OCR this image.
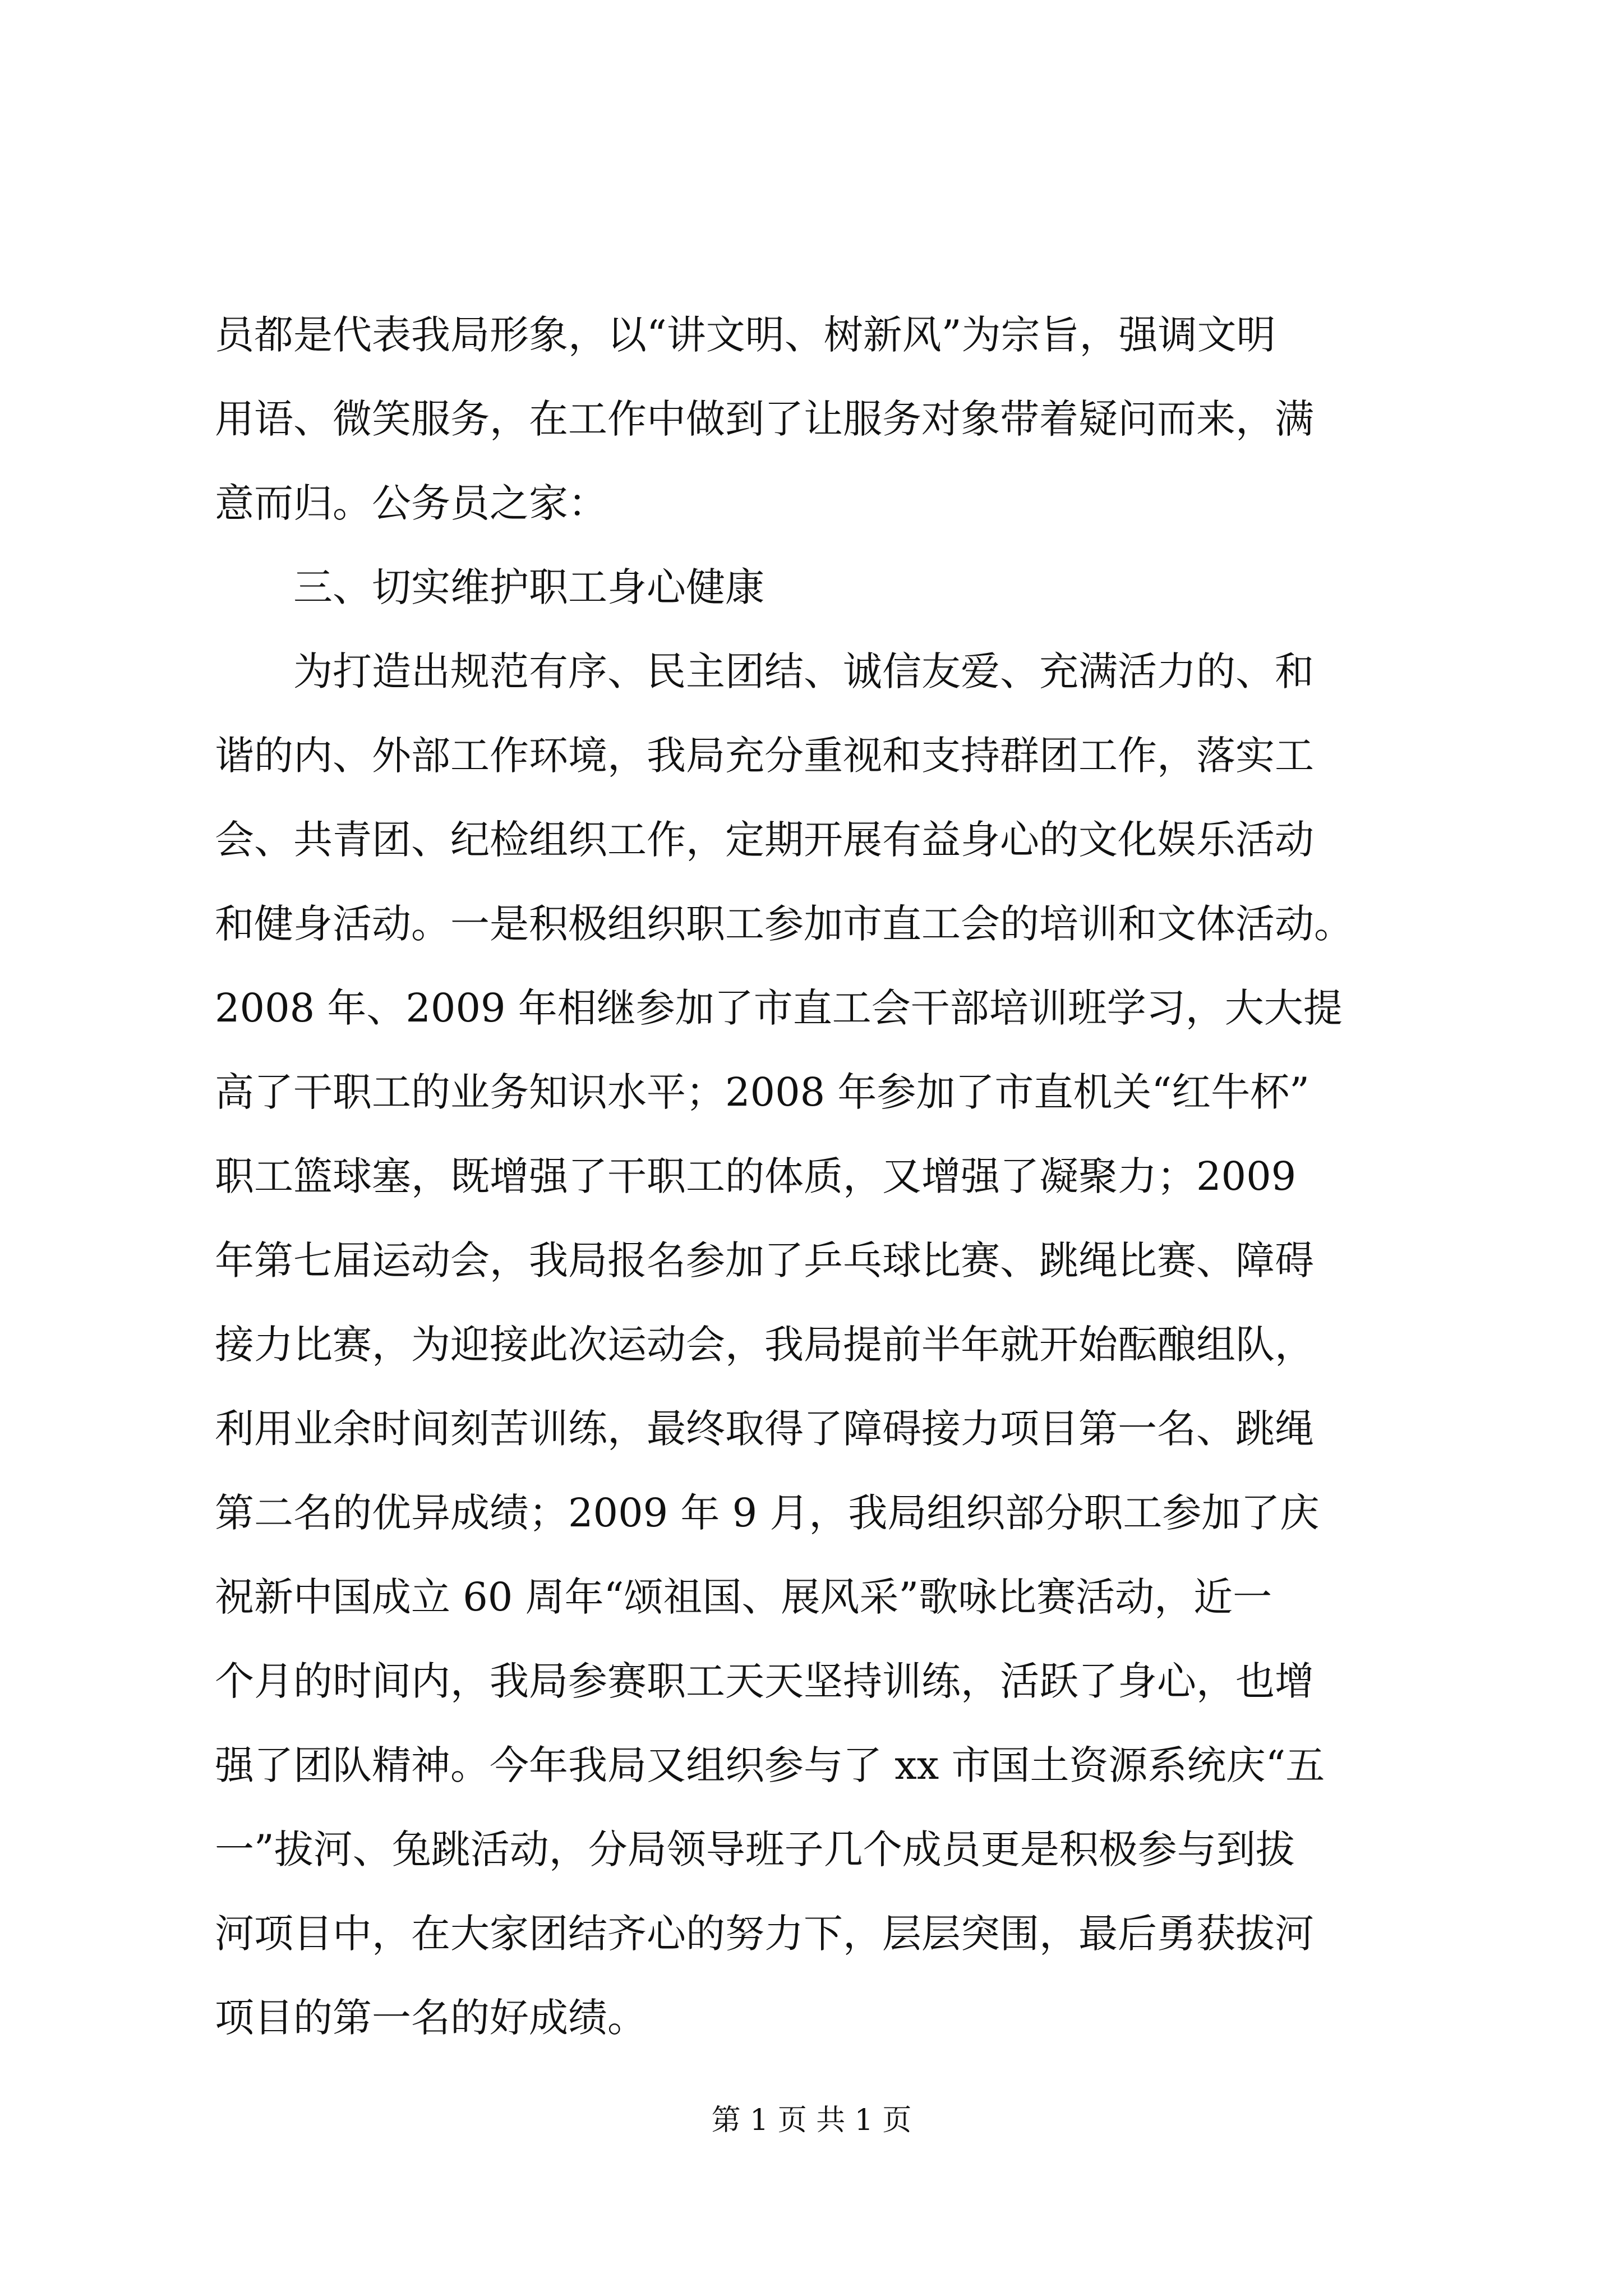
员都是代表我局形象，以“讲文明、树新风”为宗旨，强调文明
用语、微笑服务，在工作中做到了让服务对象带着疑问而来，满
意而归。公务员之家：
　　三、切实维护职工身心健康
　　为打造出规范有序、民主团结、诚信友爱、充满活力的、和
谐的内、外部工作环境，我局充分重视和支持群团工作，落实工
会、共青团、纪检组织工作，定期开展有益身心的文化娱乐活动
和健身活动。一是积极组织职工参加市直工会的培训和文体活动。
2008 年、2009 年相继参加了市直工会干部培训班学习，大大提
高了干职工的业务知识水平；2008 年参加了市直机关“红牛杯”
职工篮球塞，既增强了干职工的体质，又增强了凝聚力；2009
年第七届运动会，我局报名参加了乒乓球比赛、跳绳比赛、障碍
接力比赛，为迎接此次运动会，我局提前半年就开始酝酿组队，
利用业余时间刻苦训练，最终取得了障碍接力项目第一名、跳绳
第二名的优异成绩；2009 年 9 月，我局组织部分职工参加了庆
祝新中国成立 60 周年“颂祖国、展风采”歌咏比赛活动，近一
个月的时间内，我局参赛职工天天坚持训练，活跃了身心，也增
强了团队精神。今年我局又组织参与了 xx 市国土资源系统庆“五
一”拔河、兔跳活动，分局领导班子几个成员更是积极参与到拔
河项目中，在大家团结齐心的努力下，层层突围，最后勇获拔河
项目的第一名的好成绩。
第 1 页 共 1 页
